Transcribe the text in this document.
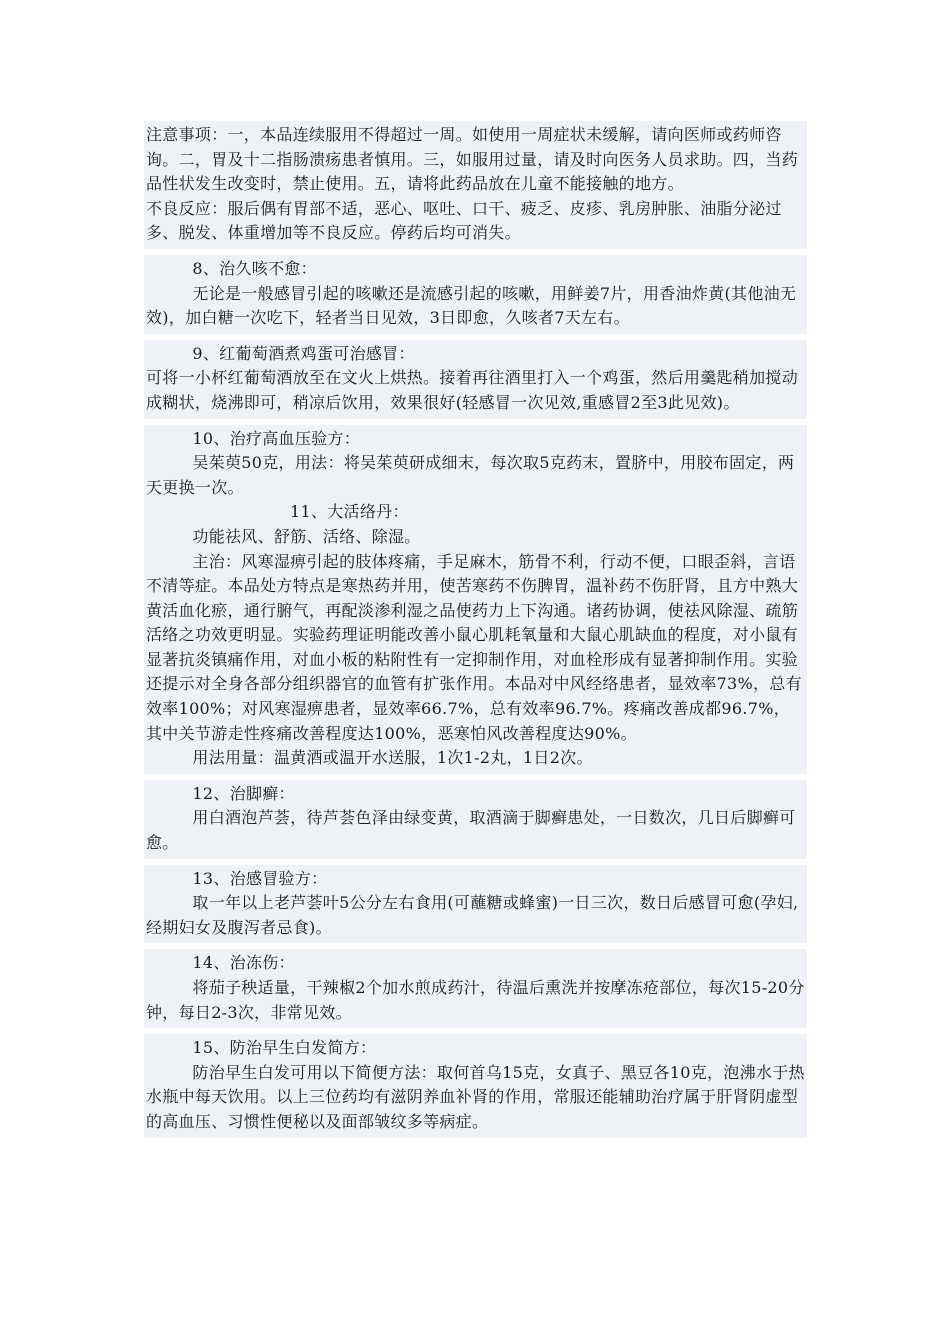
注意事项：一，本品连续服用不得超过一周。如使用一周症状未缓解，请向医师或药师咨询。二，胃及十二指肠溃疡患者慎用。三，如服用过量，请及时向医务人员求助。四，当药品性状发生改变时，禁止使用。五，请将此药品放在儿童不能接触的地方。

不良反应：服后偶有胃部不适，恶心、呕吐、口干、疲乏、皮疹、乳房肿胀、油脂分泌过多、脱发、体重增加等不良反应。停药后均可消失。

8、治久咳不愈：

无论是一般感冒引起的咳嗽还是流感引起的咳嗽，用鲜姜7片，用香油炸黄(其他油无效)，加白糖一次吃下，轻者当日见效，3日即愈，久咳者7天左右。

9、红葡萄酒煮鸡蛋可治感冒：

可将一小杯红葡萄酒放至在文火上烘热。接着再往酒里打入一个鸡蛋，然后用羹匙稍加搅动成糊状，烧沸即可，稍凉后饮用，效果很好(轻感冒一次见效,重感冒2至3此见效)。

10、治疗高血压验方：

吴茱萸50克，用法：将吴茱萸研成细末，每次取5克药末，置脐中，用胶布固定，两天更换一次。

11、大活络丹：

功能祛风、舒筋、活络、除湿。

主治：风寒湿痹引起的肢体疼痛，手足麻木，筋骨不利，行动不便，口眼歪斜，言语不清等症。本品处方特点是寒热药并用，使苦寒药不伤脾胃，温补药不伤肝肾，且方中熟大黄活血化瘀，通行腑气，再配淡渗利湿之品使药力上下沟通。诸药协调，使祛风除湿、疏筋活络之功效更明显。实验药理证明能改善小鼠心肌耗氧量和大鼠心肌缺血的程度，对小鼠有显著抗炎镇痛作用，对血小板的粘附性有一定抑制作用，对血栓形成有显著抑制作用。实验还提示对全身各部分组织器官的血管有扩张作用。本品对中风经络患者，显效率73%，总有效率100%；对风寒湿痹患者，显效率66.7%，总有效率96.7%。疼痛改善成都96.7%，其中关节游走性疼痛改善程度达100%，恶寒怕风改善程度达90%。

用法用量：温黄酒或温开水送服，1次1-2丸，1日2次。

12、治脚癣：

用白酒泡芦荟，待芦荟色泽由绿变黄，取酒滴于脚癣患处，一日数次，几日后脚癣可愈。

13、治感冒验方：

取一年以上老芦荟叶5公分左右食用(可蘸糖或蜂蜜)一日三次，数日后感冒可愈(孕妇,经期妇女及腹泻者忌食)。

14、治冻伤：

将茄子秧适量，干辣椒2个加水煎成药汁，待温后熏洗并按摩冻疮部位，每次15-20分钟，每日2-3次，非常见效。

15、防治早生白发简方：

防治早生白发可用以下简便方法：取何首乌15克，女真子、黑豆各10克，泡沸水于热水瓶中每天饮用。以上三位药均有滋阴养血补肾的作用，常服还能辅助治疗属于肝肾阴虚型的高血压、习惯性便秘以及面部皱纹多等病症。
